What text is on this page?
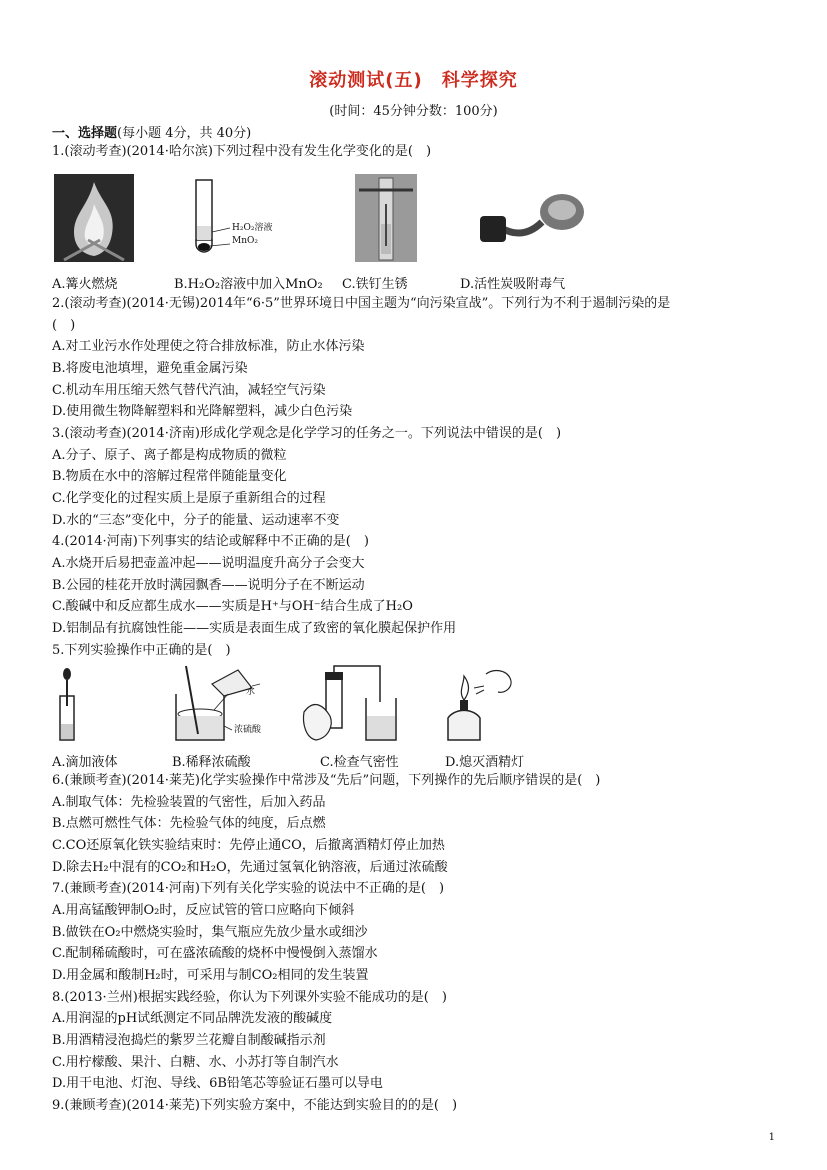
滚动测试(五)　科学探究
(时间：45分钟分数：100分)
一、选择题(每小题 4分，共 40分)
1.(滚动考查)(2014·哈尔滨)下列过程中没有发生化学变化的是(　)
H₂O₂溶液
MnO₂
A.篝火燃烧	B.H₂O₂溶液中加入MnO₂ C.铁钉生锈	D.活性炭吸附毒气
2.(滚动考查)(2014·无锡)2014年“6·5”世界环境日中国主题为“向污染宣战”。下列行为不利于遏制污染的是
(　)
A.对工业污水作处理使之符合排放标准，防止水体污染
B.将废电池填埋，避免重金属污染
C.机动车用压缩天然气替代汽油，减轻空气污染
D.使用微生物降解塑料和光降解塑料，减少白色污染
3.(滚动考查)(2014·济南)形成化学观念是化学学习的任务之一。下列说法中错误的是(　)
A.分子、原子、离子都是构成物质的微粒
B.物质在水中的溶解过程常伴随能量变化
C.化学变化的过程实质上是原子重新组合的过程
D.水的“三态”变化中，分子的能量、运动速率不变
4.(2014·河南)下列事实的结论或解释中不正确的是(　)
A.水烧开后易把壶盖冲起——说明温度升高分子会变大
B.公园的桂花开放时满园飘香——说明分子在不断运动
C.酸碱中和反应都生成水——实质是H⁺与OH⁻结合生成了H₂O
D.铝制品有抗腐蚀性能——实质是表面生成了致密的氧化膜起保护作用
5.下列实验操作中正确的是(　)
水
浓硫酸
A.滴加液体	B.稀释浓硫酸	C.检查气密性	D.熄灭酒精灯
6.(兼顾考查)(2014·莱芜)化学实验操作中常涉及“先后”问题，下列操作的先后顺序错误的是(　)
A.制取气体：先检验装置的气密性，后加入药品
B.点燃可燃性气体：先检验气体的纯度，后点燃
C.CO还原氧化铁实验结束时：先停止通CO，后撤离酒精灯停止加热
D.除去H₂中混有的CO₂和H₂O，先通过氢氧化钠溶液，后通过浓硫酸
7.(兼顾考查)(2014·河南)下列有关化学实验的说法中不正确的是(　)
A.用高锰酸钾制O₂时，反应试管的管口应略向下倾斜
B.做铁在O₂中燃烧实验时，集气瓶应先放少量水或细沙
C.配制稀硫酸时，可在盛浓硫酸的烧杯中慢慢倒入蒸馏水
D.用金属和酸制H₂时，可采用与制CO₂相同的发生装置
8.(2013·兰州)根据实践经验，你认为下列课外实验不能成功的是(　)
A.用润湿的pH试纸测定不同品牌洗发液的酸碱度
B.用酒精浸泡捣烂的紫罗兰花瓣自制酸碱指示剂
C.用柠檬酸、果汁、白糖、水、小苏打等自制汽水
D.用干电池、灯泡、导线、6B铅笔芯等验证石墨可以导电
9.(兼顾考查)(2014·莱芜)下列实验方案中，不能达到实验目的的是(　)
1
